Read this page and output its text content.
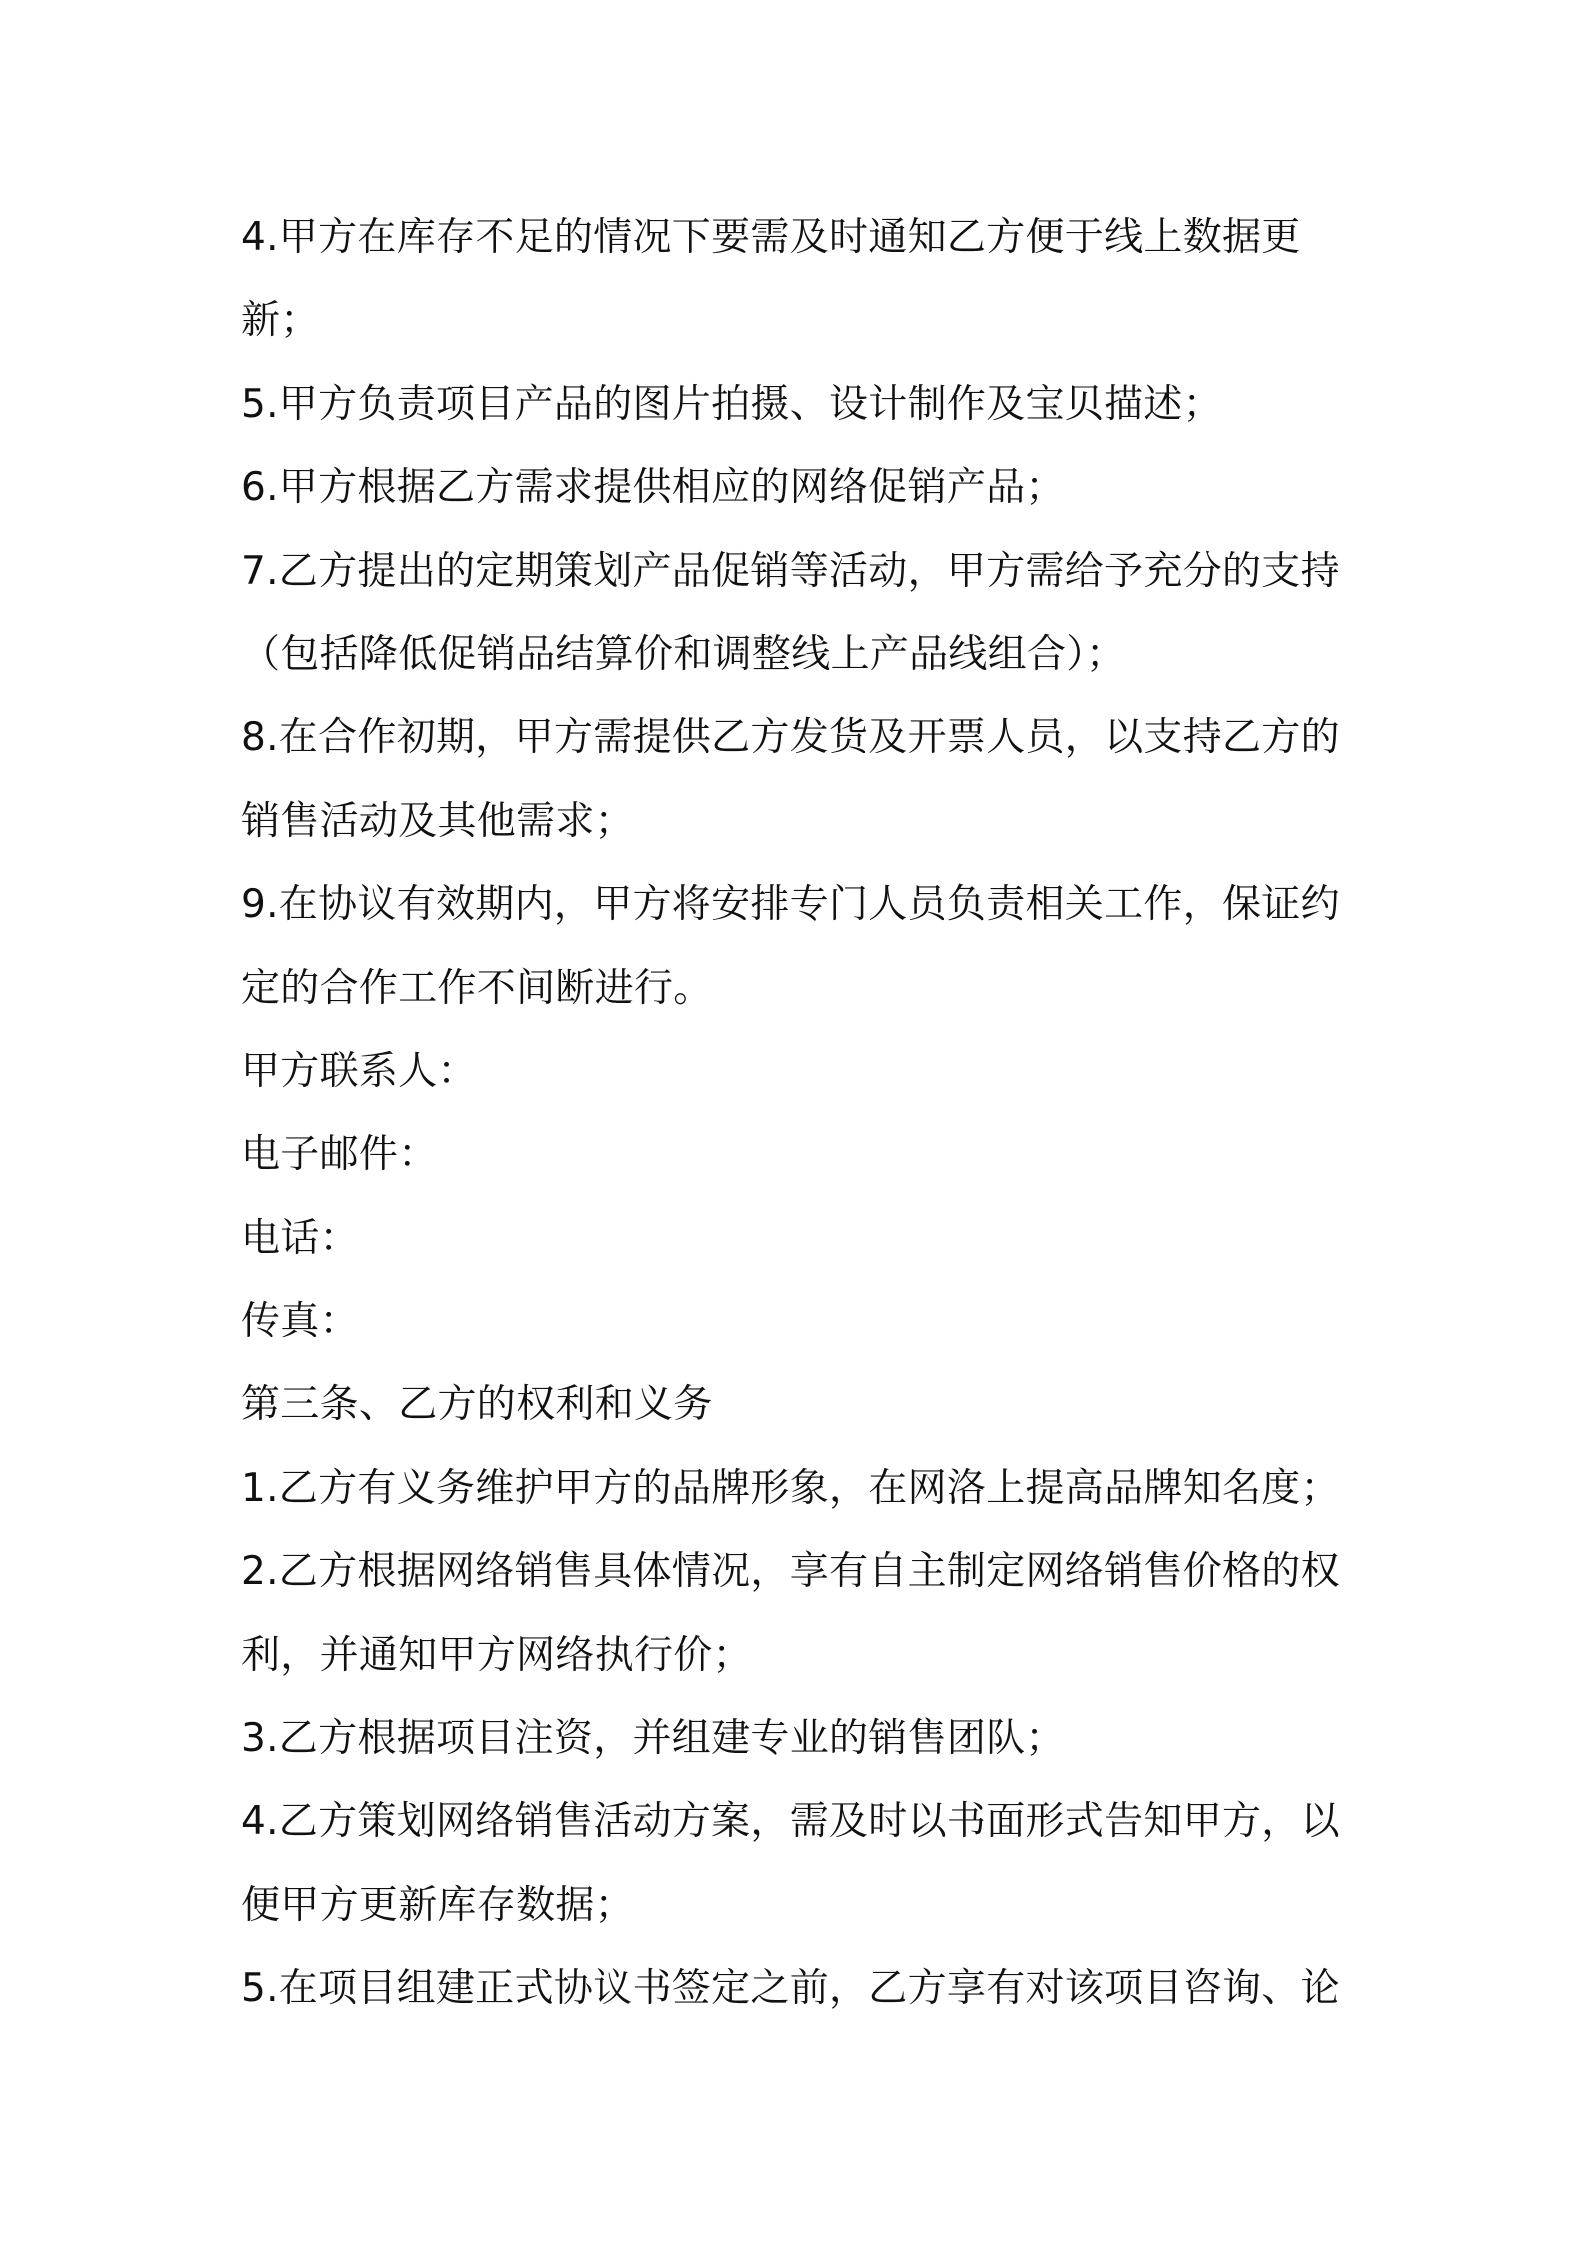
4.甲方在库存不足的情况下要需及时通知乙方便于线上数据更
新；
5.甲方负责项目产品的图片拍摄、设计制作及宝贝描述；
6.甲方根据乙方需求提供相应的网络促销产品；
7.乙方提出的定期策划产品促销等活动，甲方需给予充分的支持
（包括降低促销品结算价和调整线上产品线组合）；
8.在合作初期，甲方需提供乙方发货及开票人员，以支持乙方的
销售活动及其他需求；
9.在协议有效期内，甲方将安排专门人员负责相关工作，保证约
定的合作工作不间断进行。
甲方联系人：
电子邮件：
电话：
传真：
第三条、乙方的权利和义务
1.乙方有义务维护甲方的品牌形象，在网洛上提高品牌知名度；
2.乙方根据网络销售具体情况，享有自主制定网络销售价格的权
利，并通知甲方网络执行价；
3.乙方根据项目注资，并组建专业的销售团队；
4.乙方策划网络销售活动方案，需及时以书面形式告知甲方，以
便甲方更新库存数据；
5.在项目组建正式协议书签定之前，乙方享有对该项目咨询、论
